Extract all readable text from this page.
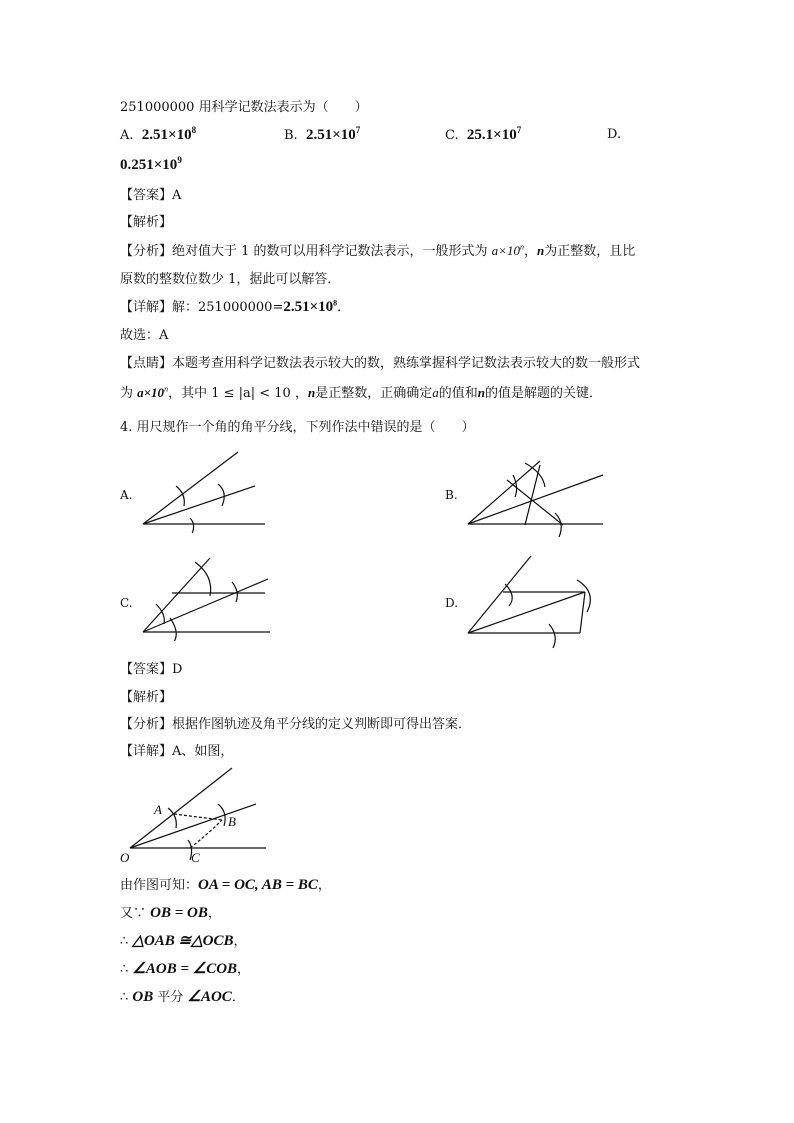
251000000 用科学记数法表示为（　　）
A. $2.51\times 10^8$	B. $2.51\times 10^7$	C. $25.1\times 10^7$	D.
$0.251\times 10^9$
【答案】A
【解析】
【分析】绝对值大于 1 的数可以用科学记数法表示，一般形式为 $a\times 10^n$，n为正整数，且比
原数的整数位数少 1，据此可以解答．
【详解】解：$251000000=2.51\times 10^8$．
故选：A
【点睛】本题考查用科学记数法表示较大的数，熟练掌握科学记数法表示较大的数一般形式
为 $a\times 10^n$，其中 1 ≤ |a| < 10 ，n是正整数，正确确定a的值和n的值是解题的关键．
4. 用尺规作一个角的角平分线，下列作法中错误的是（　　）
A.	B.
C.	D.
【答案】D
【解析】
【分析】根据作图轨迹及角平分线的定义判断即可得出答案．
【详解】A、如图，
A
B
C
O
由作图可知：OA = OC, AB = BC，
又∵ OB = OB，
∴ △OAB ≅△OCB，
∴ ∠AOB = ∠COB，
∴ OB 平分 ∠AOC．
